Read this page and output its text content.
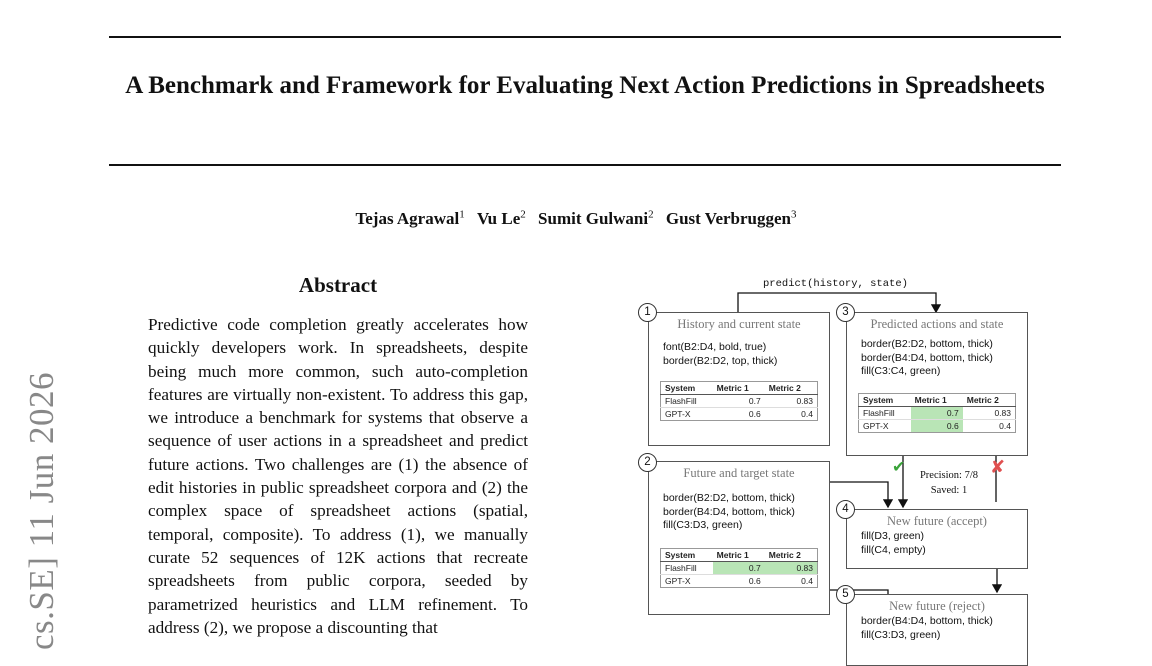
A Benchmark and Framework for Evaluating Next Action Predictions in Spreadsheets
Tejas Agrawal$^1$ Vu Le$^2$ Sumit Gulwani$^2$ Gust Verbruggen$^3$
cs.SE] 11 Jun 2026
Abstract
Predictive code completion greatly accelerates how quickly developers work. In spreadsheets, despite being much more common, such auto-completion features are virtually non-existent. To address this gap, we introduce a benchmark for systems that observe a sequence of user actions in a spreadsheet and predict future actions. Two challenges are (1) the absence of edit histories in public spreadsheet corpora and (2) the complex space of spreadsheet actions (spatial, temporal, composite). To address (1), we manually curate 52 sequences of 12K actions that recreate spreadsheets from public corpora, seeded by parametrized heuristics and LLM refinement. To address (2), we propose a discounting that
predict(history, state)
History and current state
font(B2:D4, bold, true)
border(B2:D2, top, thick)
System	Metric 1	Metric 2
FlashFill	0.7	0.83
GPT-X	0.6	0.4
1
Future and target state
border(B2:D2, bottom, thick)
border(B4:D4, bottom, thick)
fill(C3:D3, green)
System	Metric 1	Metric 2
FlashFill	0.7	0.83
GPT-X	0.6	0.4
2
Predicted actions and state
border(B2:D2, bottom, thick)
border(B4:D4, bottom, thick)
fill(C3:C4, green)
System	Metric 1	Metric 2
FlashFill	0.7	0.83
GPT-X	0.6	0.4
3
✔	✘
Precision: 7/8
Saved: 1
New future (accept)
fill(D3, green)
fill(C4, empty)
4
New future (reject)
border(B4:D4, bottom, thick)
fill(C3:D3, green)
5
